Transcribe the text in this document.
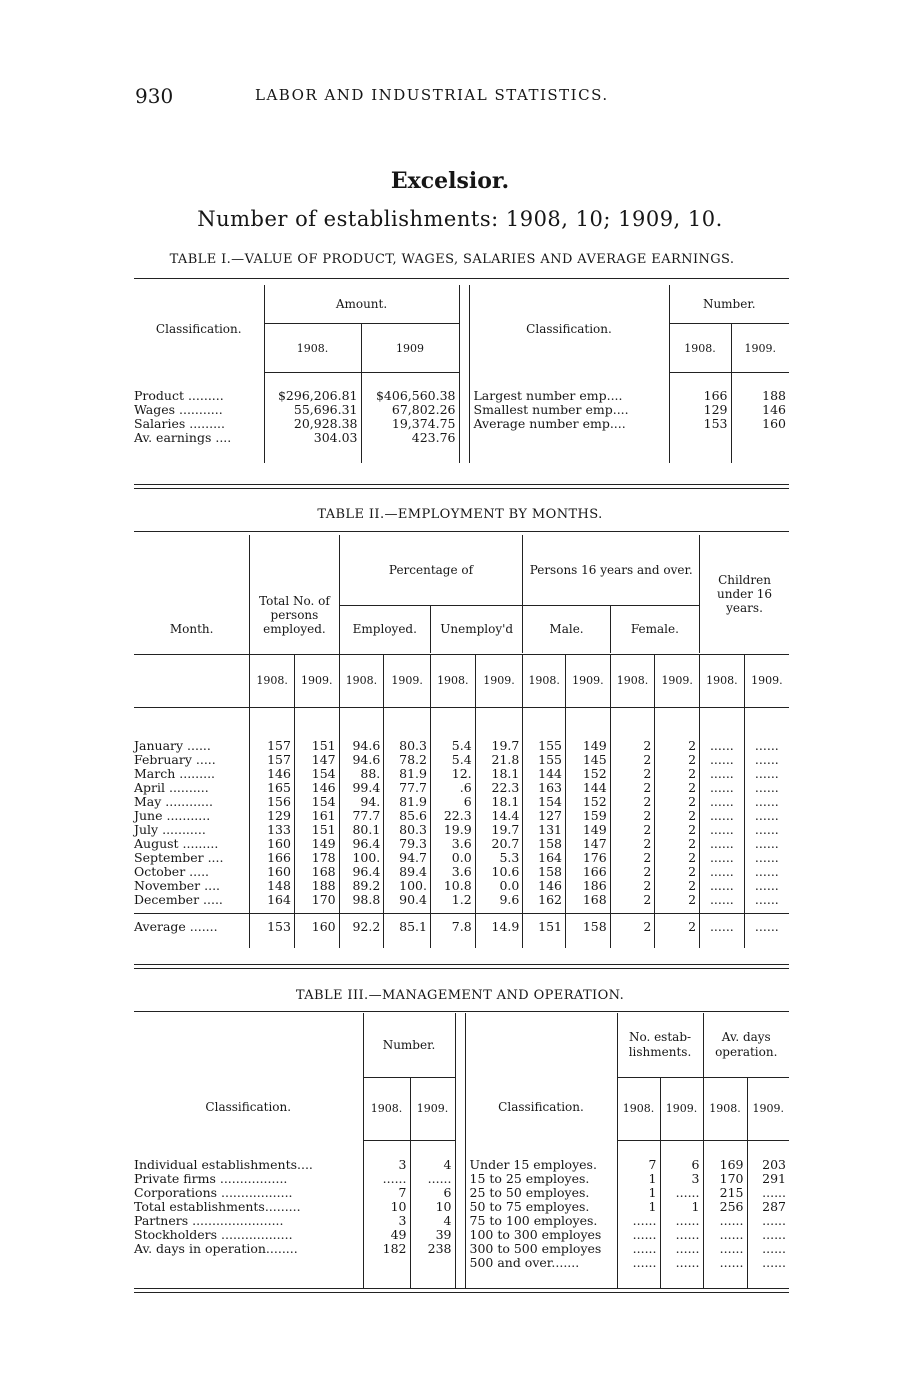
930	LABOR AND INDUSTRIAL STATISTICS.
Excelsior.
Number of establishments: 1908, 10; 1909, 10.
TABLE I.—VALUE OF PRODUCT, WAGES, SALARIES AND AVERAGE EARNINGS.
Classification.	Amount.			Classification.	Number.	
	1908.	1909			1908.	1909.

Product .........	$296,206.81	$406,560.38		Largest number emp....	166	188
Wages ...........	55,696.31	67,802.26		Smallest number emp....	129	146
Salaries .........	20,928.38	19,374.75		Average number emp....	153	160
Av. earnings ....	304.03	423.76				

TABLE II.—EMPLOYMENT BY MONTHS.
Month.	Total No. of persons employed.		Percentage of				Persons 16 years and over.				Children under 16 years.	
			Employed.		Unemploy'd		Male.		Female.			

	1908.	1909.	1908.	1909.	1908.	1909.	1908.	1909.	1908.	1909.	1908.	1909.

January ......	157	151	94.6	80.3	5.4	19.7	155	149	2	2	......	......
February .....	157	147	94.6	78.2	5.4	21.8	155	145	2	2	......	......
March .........	146	154	88.	81.9	12.	18.1	144	152	2	2	......	......
April ..........	165	146	99.4	77.7	.6	22.3	163	144	2	2	......	......
May ............	156	154	94.	81.9	6	18.1	154	152	2	2	......	......
June ...........	129	161	77.7	85.6	22.3	14.4	127	159	2	2	......	......
July ...........	133	151	80.1	80.3	19.9	19.7	131	149	2	2	......	......
August .........	160	149	96.4	79.3	3.6	20.7	158	147	2	2	......	......
September ....	166	178	100.	94.7	0.0	5.3	164	176	2	2	......	......
October .....	160	168	96.4	89.4	3.6	10.6	158	166	2	2	......	......
November ....	148	188	89.2	100.	10.8	0.0	146	186	2	2	......	......
December .....	164	170	98.8	90.4	1.2	9.6	162	168	2	2	......	......

Average .......	153	160	92.2	85.1	7.8	14.9	151	158	2	2	......	......

TABLE III.—MANAGEMENT AND OPERATION.
Classification.	Number.			Classification.	No. estab-lishments.		Av. days operation.	
	1908.	1909.			1908.	1909.	1908.	1909.

Individual establishments....	3	4		Under 15 employes.	7	6	169	203
Private firms .................	......	......		15 to 25 employes.	1	3	170	291
Corporations ..................	7	6		25 to 50 employes.	1	......	215	......
Total establishments.........	10	10		50 to 75 employes.	1	1	256	287
Partners .......................	3	4		75 to 100 employes.	......	......	......	......
Stockholders ..................	49	39		100 to 300 employes	......	......	......	......
Av. days in operation........	182	238		300 to 500 employes	......	......	......	......
				500 and over.......	......	......	......	......
